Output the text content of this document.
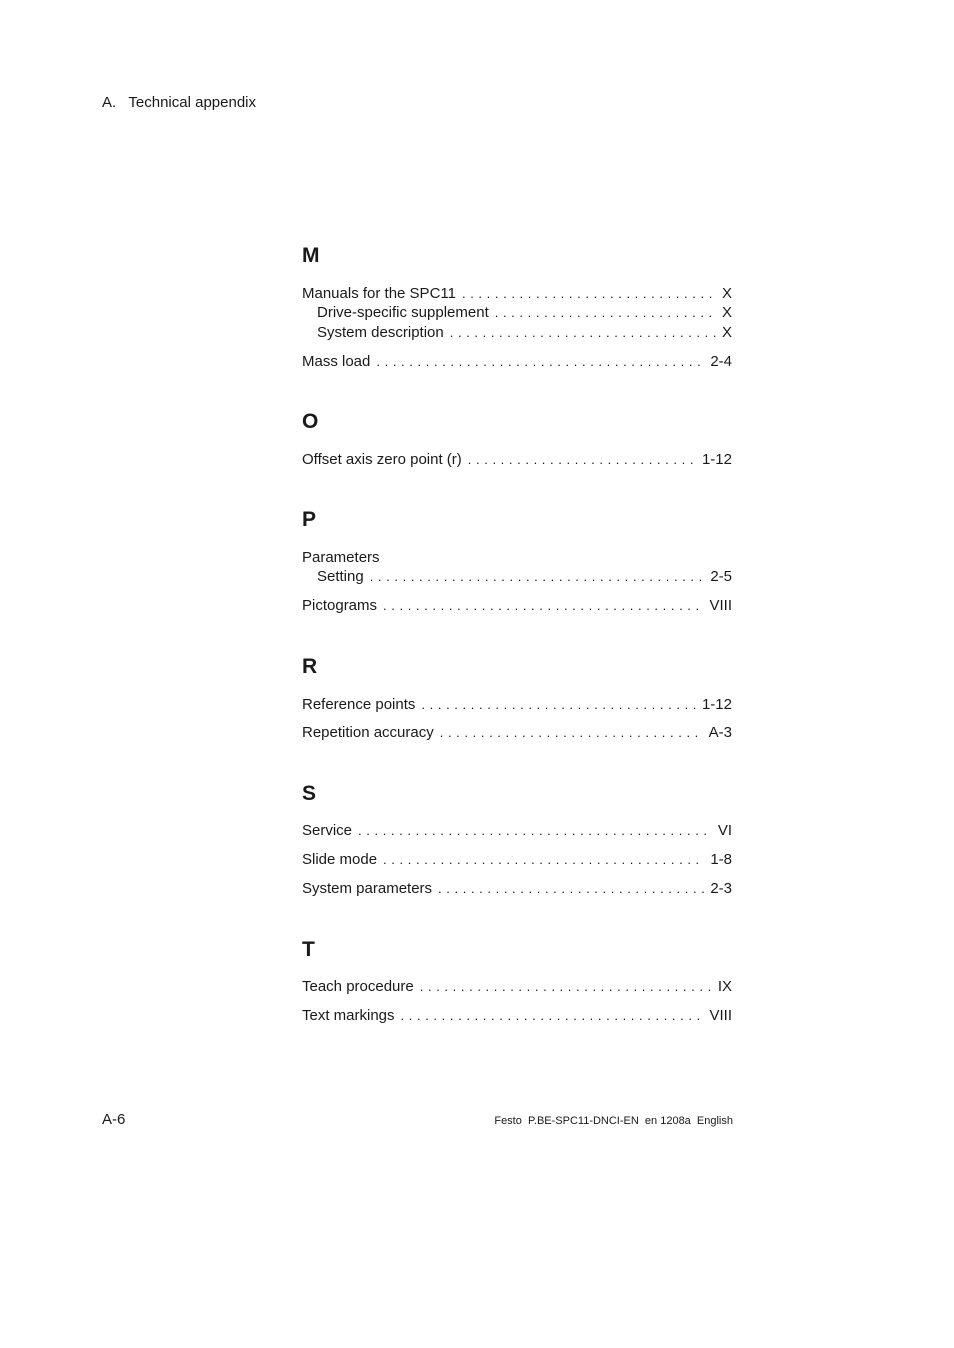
A.   Technical appendix
M
Manuals for the SPC11 . . .	X
Drive-specific supplement . . .	X
System description . . .	X
Mass load . . .	2-4
O
Offset axis zero point (r) . . .	1-12
P
Parameters
Setting . . .	2-5
Pictograms . . .	VIII
R
Reference points . . .	1-12
Repetition accuracy . . .	A-3
S
Service . . .	VI
Slide mode . . .	1-8
System parameters . . .	2-3
T
Teach procedure . . .	IX
Text markings . . .	VIII
A-6	Festo  P.BE-SPC11-DNCI-EN  en 1208a  English
